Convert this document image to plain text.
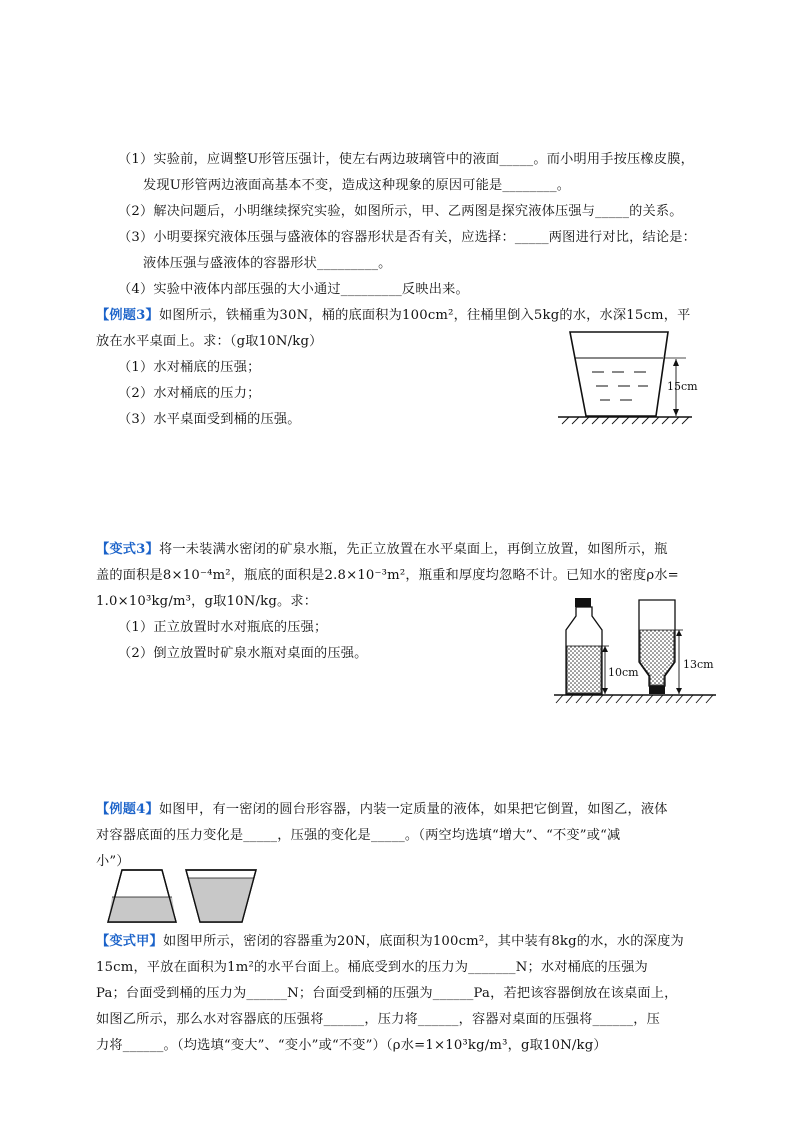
（1）实验前，应调整U形管压强计，使左右两边玻璃管中的液面_____。而小明用手按压橡皮膜，
发现U形管两边液面高基本不变，造成这种现象的原因可能是________。
（2）解决问题后，小明继续探究实验，如图所示，甲、乙两图是探究液体压强与_____的关系。
（3）小明要探究液体压强与盛液体的容器形状是否有关，应选择：_____两图进行对比，结论是：
液体压强与盛液体的容器形状_________。
（4）实验中液体内部压强的大小通过_________反映出来。
【例题3】如图所示，铁桶重为30N，桶的底面积为100cm²，往桶里倒入5kg的水，水深15cm，平
放在水平桌面上。求：（g取10N/kg）
（1）水对桶底的压强；
（2）水对桶底的压力；
（3）水平桌面受到桶的压强。
15cm
【变式3】将一未装满水密闭的矿泉水瓶，先正立放置在水平桌面上，再倒立放置，如图所示，瓶
盖的面积是8×10⁻⁴m²，瓶底的面积是2.8×10⁻³m²，瓶重和厚度均忽略不计。已知水的密度ρ水=
1.0×10³kg/m³，g取10N/kg。求：
（1）正立放置时水对瓶底的压强；
（2）倒立放置时矿泉水瓶对桌面的压强。
10cm
13cm
【例题4】如图甲，有一密闭的圆台形容器，内装一定质量的液体，如果把它倒置，如图乙，液体
对容器底面的压力变化是_____，压强的变化是_____。（两空均选填“增大”、“不变”或“减
小”）
【变式甲】如图甲所示，密闭的容器重为20N，底面积为100cm²，其中装有8kg的水，水的深度为
15cm，平放在面积为1m²的水平台面上。桶底受到水的压力为_______N；水对桶底的压强为
Pa；台面受到桶的压力为______N；台面受到桶的压强为______Pa，若把该容器倒放在该桌面上，
如图乙所示，那么水对容器底的压强将______，压力将______，容器对桌面的压强将______，压
力将______。（均选填“变大”、“变小”或“不变”）（ρ水=1×10³kg/m³，g取10N/kg）
